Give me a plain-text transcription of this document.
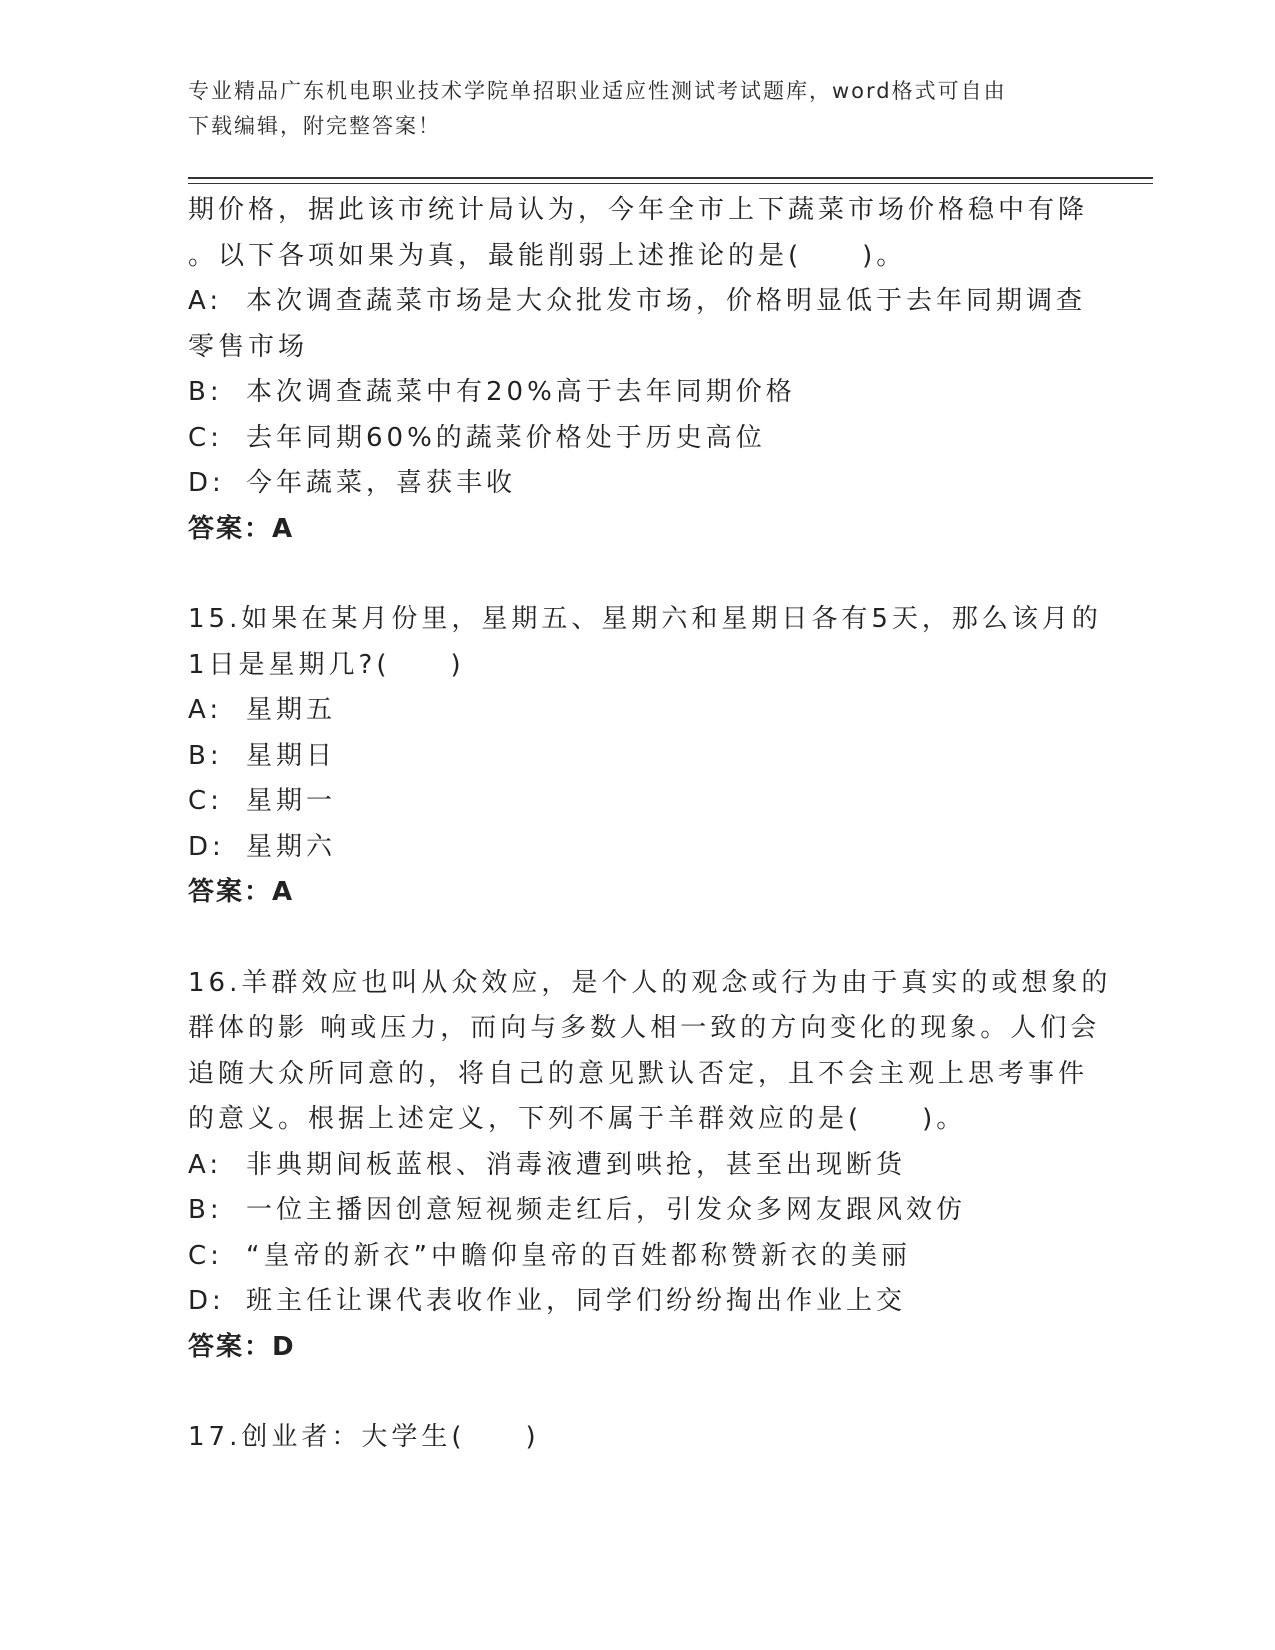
专业精品广东机电职业技术学院单招职业适应性测试考试题库，word格式可自由
下载编辑，附完整答案！
期价格，据此该市统计局认为，今年全市上下蔬菜市场价格稳中有降
。以下各项如果为真，最能削弱上述推论的是(　　)。
A: 本次调查蔬菜市场是大众批发市场，价格明显低于去年同期调查
零售市场
B: 本次调查蔬菜中有20%高于去年同期价格
C: 去年同期60%的蔬菜价格处于历史高位
D: 今年蔬菜，喜获丰收
答案：A
15.如果在某月份里，星期五、星期六和星期日各有5天，那么该月的
1日是星期几?(　　)
A: 星期五
B: 星期日
C: 星期一
D: 星期六
答案：A
16.羊群效应也叫从众效应，是个人的观念或行为由于真实的或想象的
群体的影 响或压力，而向与多数人相一致的方向变化的现象。人们会
追随大众所同意的，将自己的意见默认否定，且不会主观上思考事件
的意义。根据上述定义，下列不属于羊群效应的是(　　)。
A: 非典期间板蓝根、消毒液遭到哄抢，甚至出现断货
B: 一位主播因创意短视频走红后，引发众多网友跟风效仿
C: “皇帝的新衣”中瞻仰皇帝的百姓都称赞新衣的美丽
D: 班主任让课代表收作业，同学们纷纷掏出作业上交
答案：D
17.创业者：大学生(　　)
